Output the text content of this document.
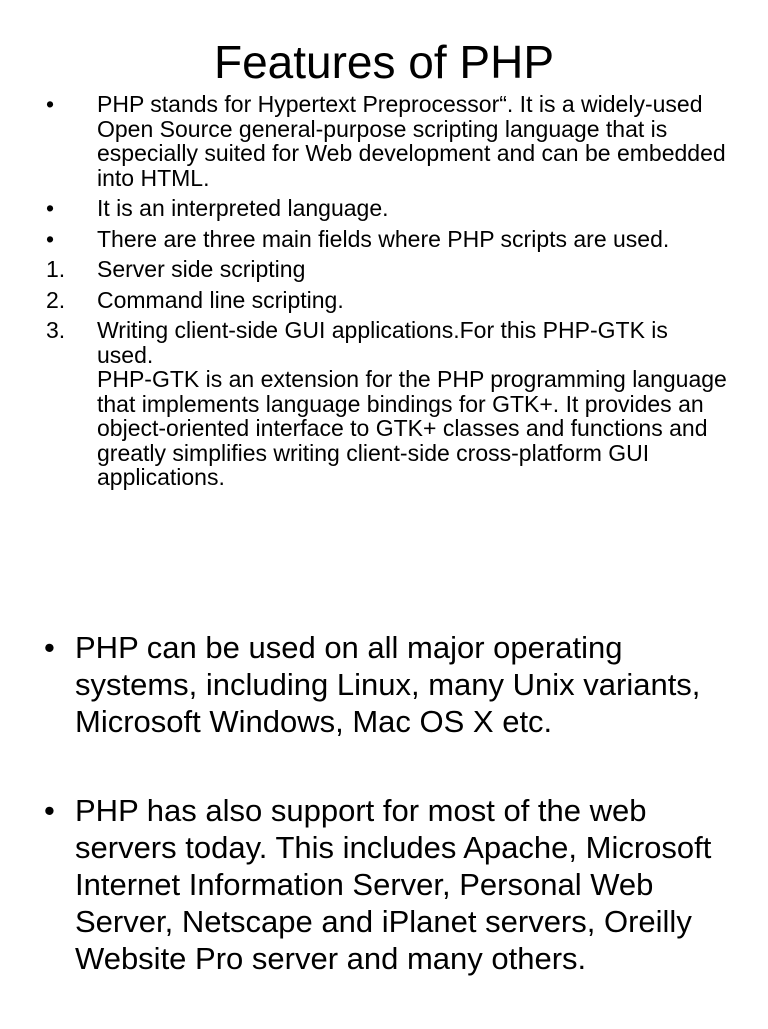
Features of PHP
• PHP stands for Hypertext Preprocessor“. It is a widely-used Open Source general-purpose scripting language that is especially suited for Web development and can be embedded into HTML.
• It is an interpreted language.
• There are three main fields where PHP scripts are used.
1. Server side scripting
2. Command line scripting.
3. Writing client-side GUI applications.For this PHP-GTK is used.
PHP-GTK is an extension for the PHP programming language that implements language bindings for GTK+. It provides an object-oriented interface to GTK+ classes and functions and greatly simplifies writing client-side cross-platform GUI applications.
• PHP can be used on all major operating systems, including Linux, many Unix variants, Microsoft Windows, Mac OS X etc.
• PHP has also support for most of the web servers today. This includes Apache, Microsoft Internet Information Server, Personal Web Server, Netscape and iPlanet servers, Oreilly Website Pro server and many others.
